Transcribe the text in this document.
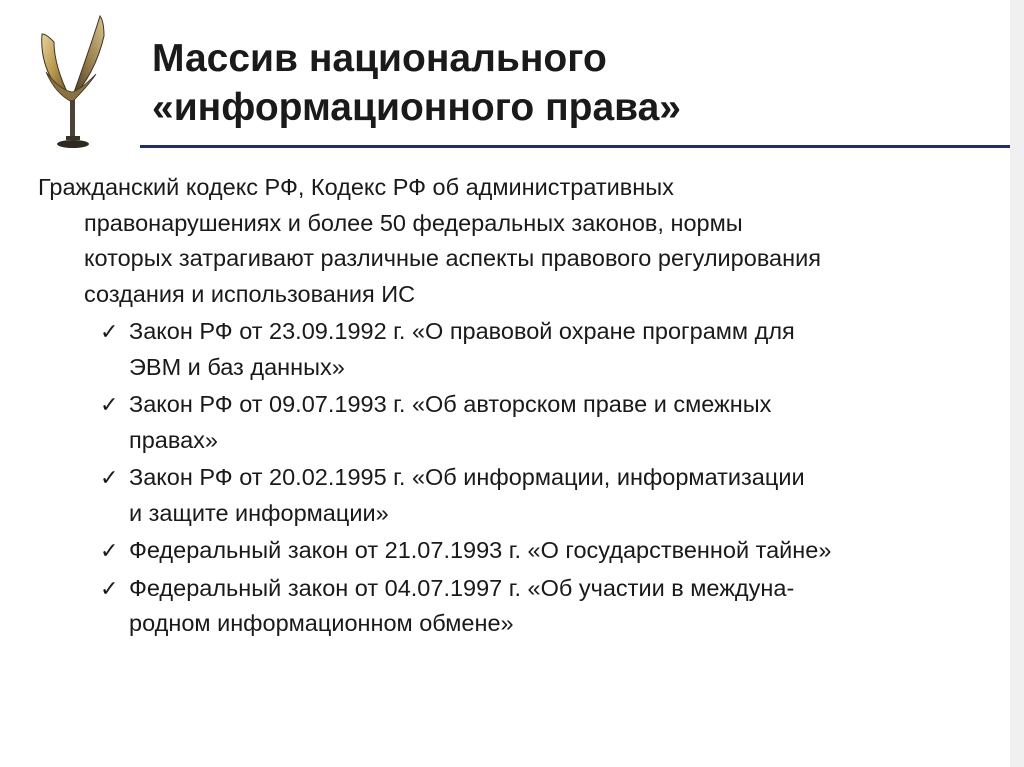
Массив национального
«информационного права»

Гражданский кодекс РФ, Кодекс РФ об административных
правонарушениях и более 50 федеральных законов, нормы
которых затрагивают различные аспекты правового регулирования
создания и использования ИС

✓ Закон РФ от 23.09.1992 г. «О правовой охране программ для
ЭВМ и баз данных»
✓ Закон РФ от 09.07.1993 г. «Об авторском праве и смежных
правах»
✓ Закон РФ от 20.02.1995 г. «Об информации, информатизации
и защите информации»
✓ Федеральный закон от 21.07.1993 г. «О государственной тайне»
✓ Федеральный закон от 04.07.1997 г. «Об участии в междуна-
родном информационном обмене»
